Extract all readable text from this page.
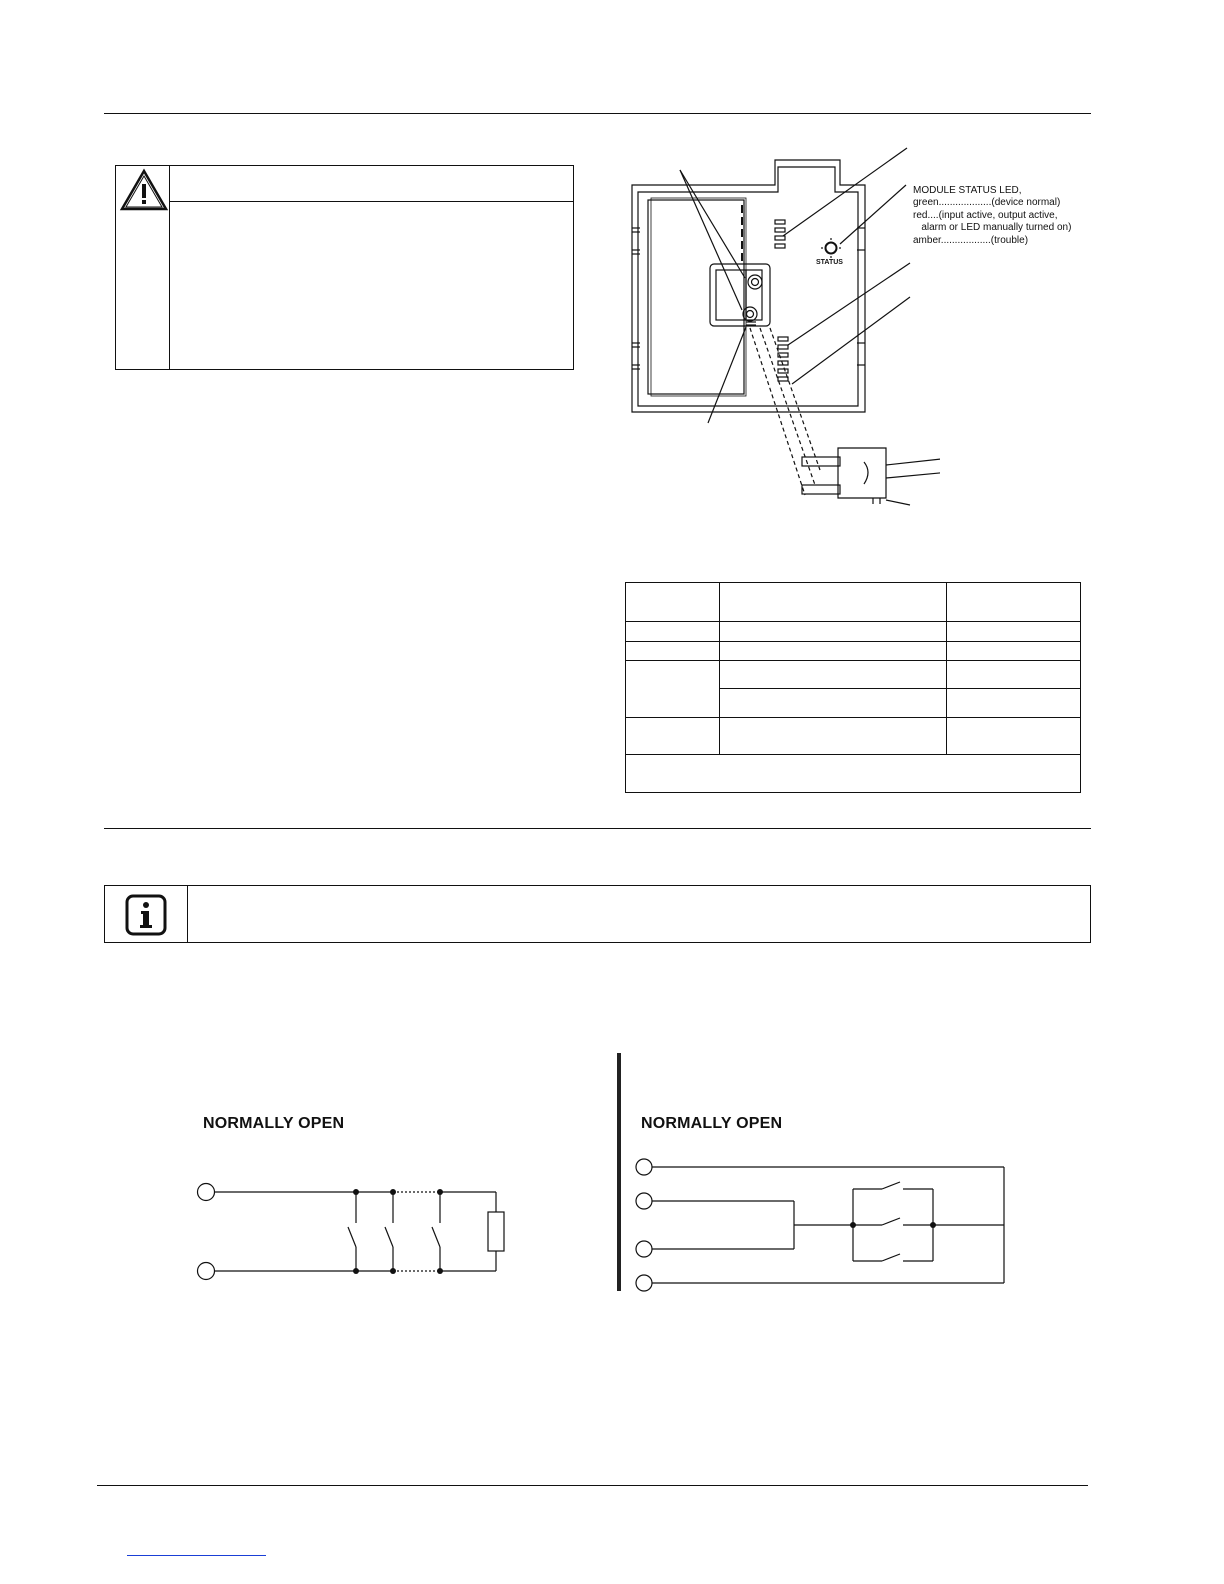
MODULE STATUS LED,
green...................(device normal)
red....(input active, output active,
alarm or LED manually turned on)
amber..................(trouble)
STATUS

NORMALLY OPEN	NORMALLY OPEN
